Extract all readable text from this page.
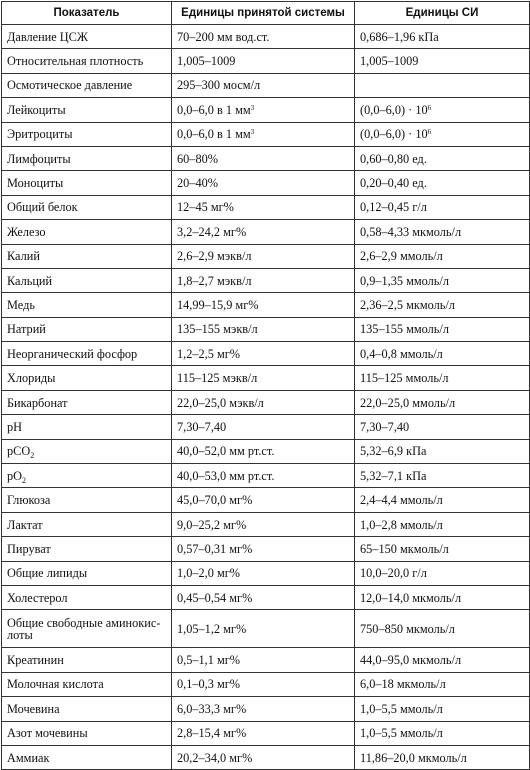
Показатель	Единицы принятой системы	Единицы СИ
Давление ЦСЖ	70–200 мм вод.ст.	0,686–1,96 кПа
Относительная плотность	1,005–1009	1,005–1009
Осмотическое давление	295–300 мосм/л	
Лейкоциты	0,0–6,0 в 1 $мм^3$	$(0,0-6,0) \cdot 10^6$
Эритроциты	0,0–6,0 в 1 $мм^3$	$(0,0-6,0) \cdot 10^6$
Лимфоциты	60–80%	0,60–0,80 ед.
Моноциты	20–40%	0,20–0,40 ед.
Общий белок	12–45 мг%	0,12–0,45 г/л
Железо	3,2–24,2 мг%	0,58–4,33 мкмоль/л
Калий	2,6–2,9 мэкв/л	2,6–2,9 ммоль/л
Кальций	1,8–2,7 мэкв/л	0,9–1,35 ммоль/л
Медь	14,99–15,9 мг%	2,36–2,5 мкмоль/л
Натрий	135–155 мэкв/л	135–155 ммоль/л
Неорганический фосфор	1,2–2,5 мг%	0,4–0,8 ммоль/л
Хлориды	115–125 мэкв/л	115–125 ммоль/л
Бикарбонат	22,0–25,0 мэкв/л	22,0–25,0 ммоль/л
pH	7,30–7,40	7,30–7,40
pCO$_2$	40,0–52,0 мм рт.ст.	5,32–6,9 кПа
$pO_2$	40,0–53,0 мм рт.ст.	5,32–7,1 кПа
Глюкоза	45,0–70,0 мг%	2,4–4,4 ммоль/л
Лактат	9,0–25,2 мг%	1,0–2,8 ммоль/л
Пируват	0,57–0,31 мг%	65–150 мкмоль/л
Общие липиды	1,0–2,0 мг%	10,0–20,0 г/л
Холестерол	0,45–0,54 мг%	12,0–14,0 мкмоль/л
Общие свободные аминокис-лоты	1,05–1,2 мг%	750–850 мкмоль/л
Креатинин	0,5–1,1 мг%	44,0–95,0 мкмоль/л
Молочная кислота	0,1–0,3 мг%	6,0–18 мкмоль/л
Мочевина	6,0–33,3 мг%	1,0–5,5 ммоль/л
Азот мочевины	2,8–15,4 мг%	1,0–5,5 ммоль/л
Аммиак	20,2–34,0 мг%	11,86–20,0 мкмоль/л
